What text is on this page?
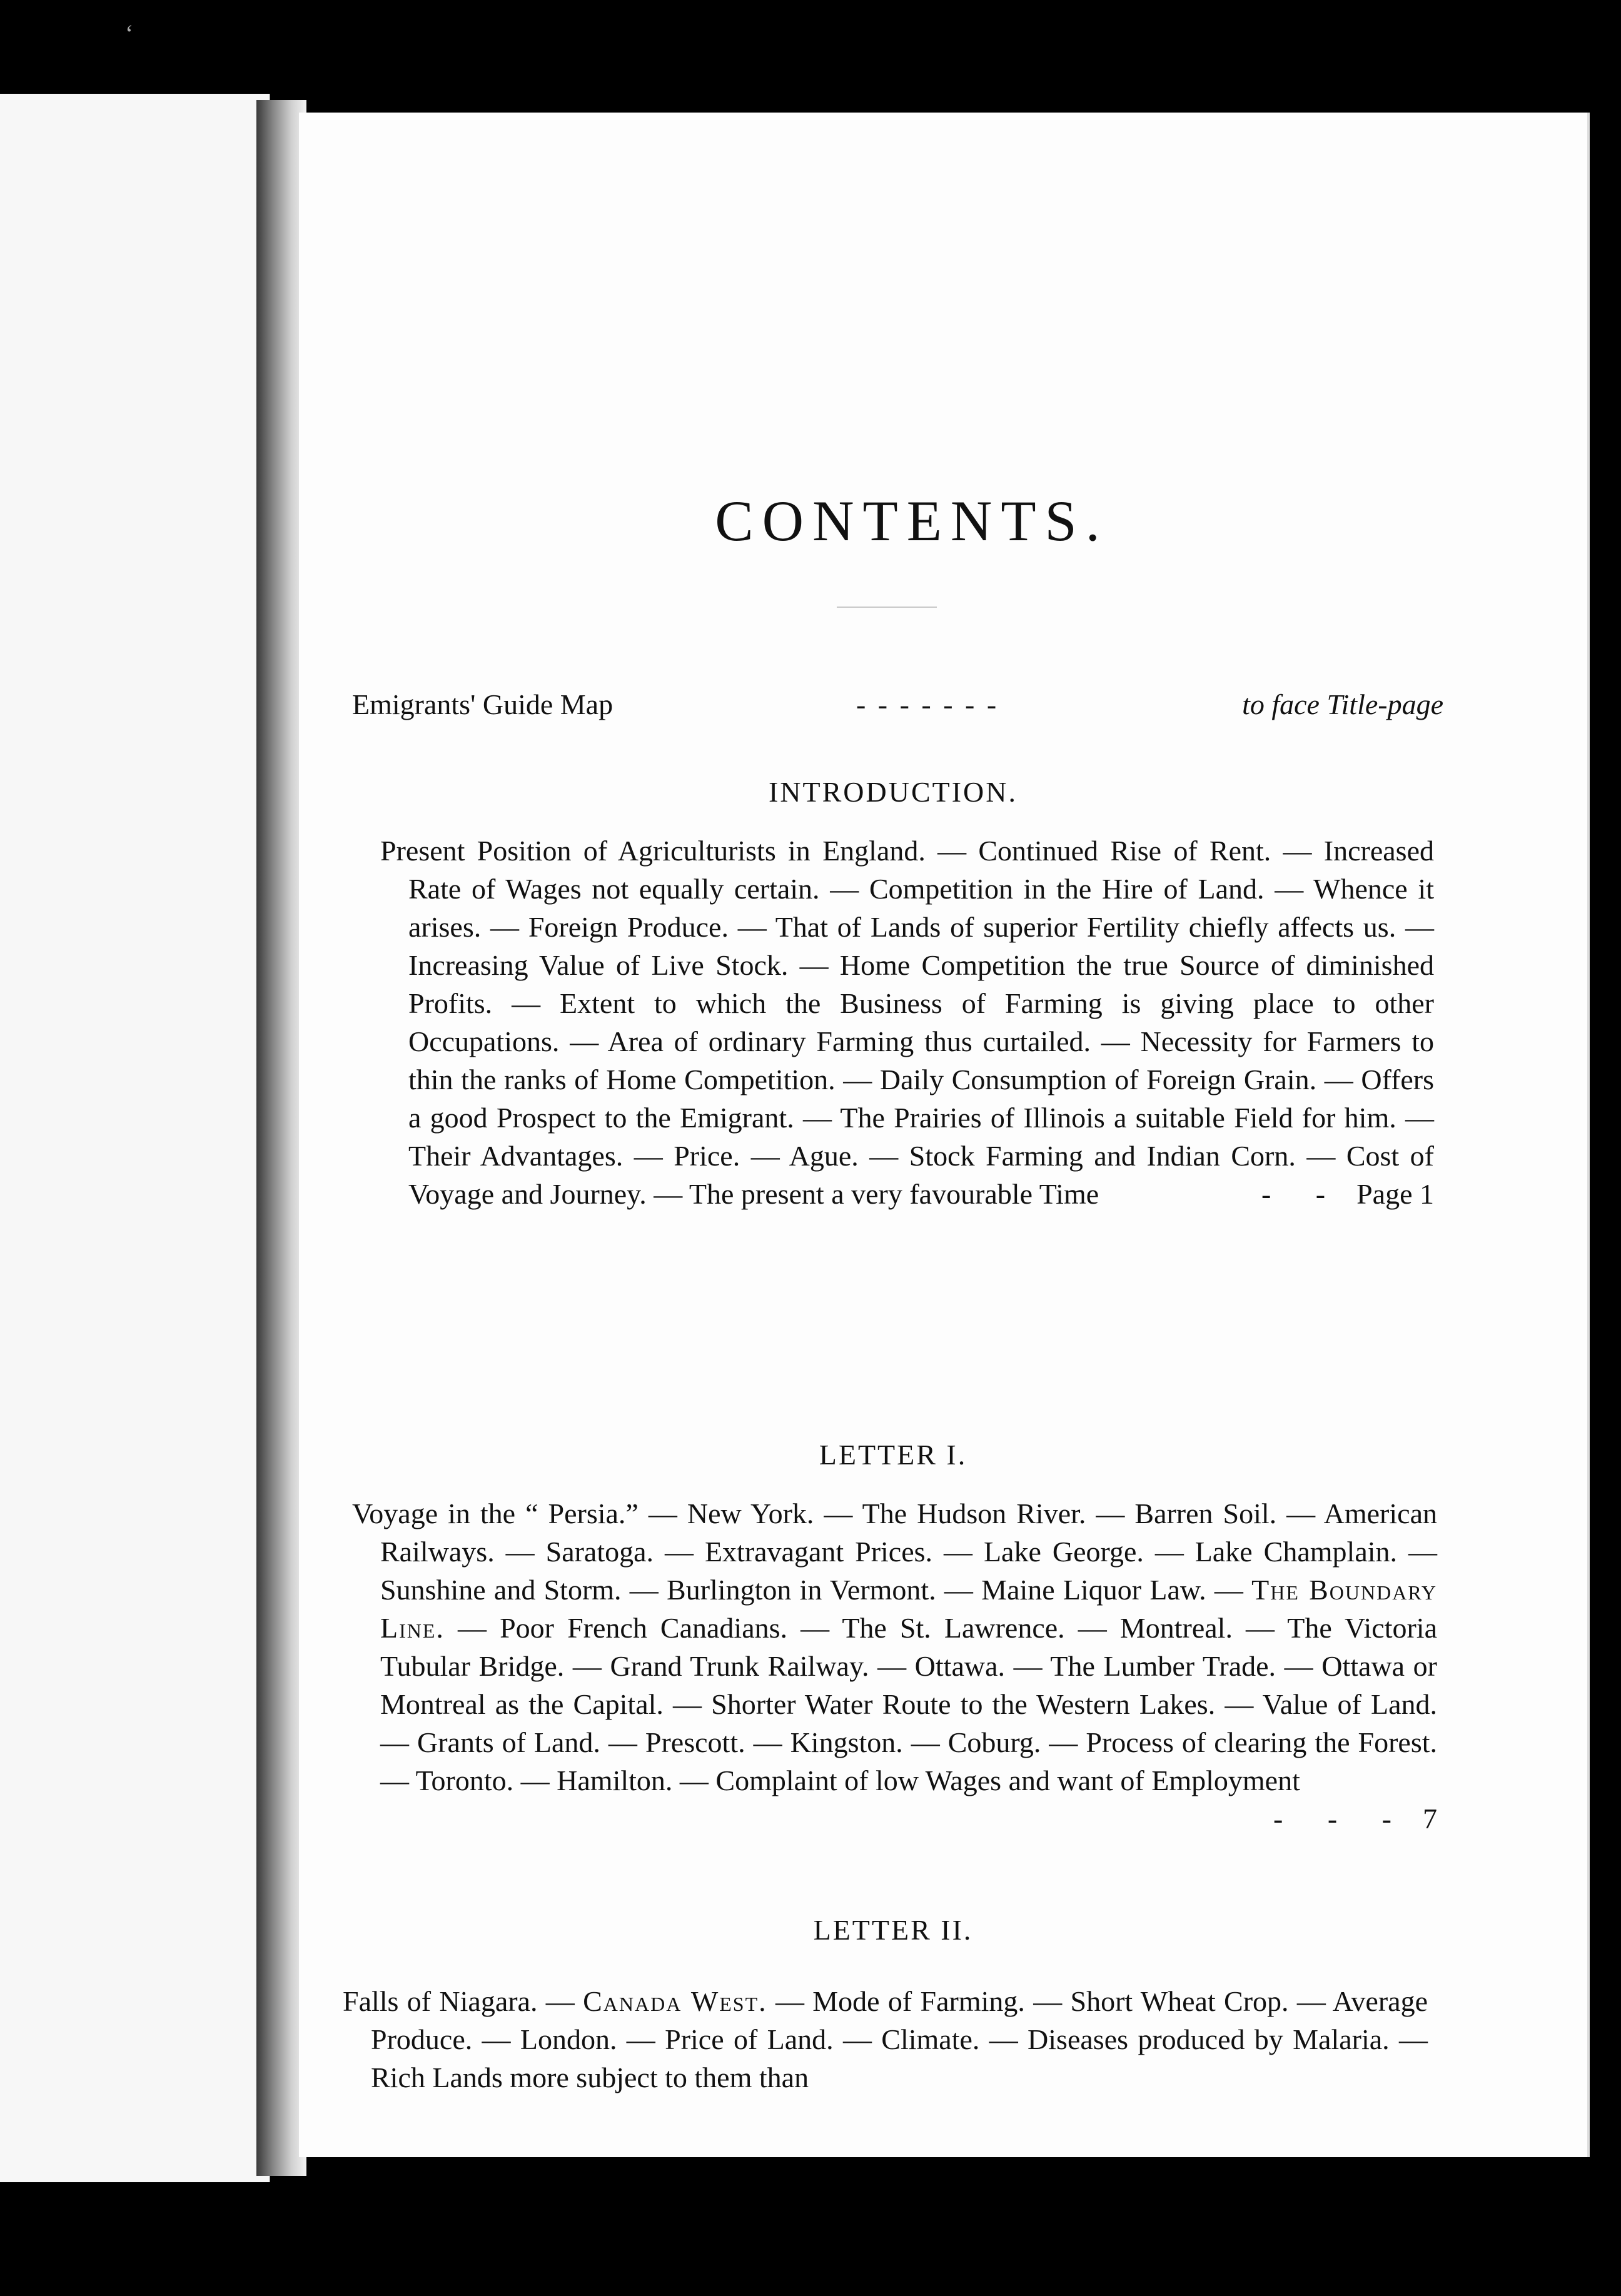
‘
CONTENTS.
Emigrants' Guide Map	- - - - - - -	to face Title-page
INTRODUCTION.
Present Position of Agriculturists in England. — Continued Rise of Rent. — Increased Rate of Wages not equally certain. — Competition in the Hire of Land. — Whence it arises. — Foreign Produce. — That of Lands of superior Fertility chiefly affects us. — Increasing Value of Live Stock. — Home Competition the true Source of diminished Profits. — Extent to which the Business of Farming is giving place to other Occupations. — Area of ordinary Farming thus curtailed. — Necessity for Farmers to thin the ranks of Home Competition. — Daily Consumption of Foreign Grain. — Offers a good Prospect to the Emigrant. — The Prairies of Illinois a suitable Field for him. — Their Advantages. — Price. — Ague. — Stock Farming and Indian Corn. — Cost of Voyage and Journey. — The present a very favourable Time	- - Page 1
LETTER I.
Voyage in the “ Persia.” — New York. — The Hudson River. — Barren Soil. — American Railways. — Saratoga. — Extravagant Prices. — Lake George. — Lake Champlain. — Sunshine and Storm. — Burlington in Vermont. — Maine Liquor Law. — The Boundary Line. — Poor French Canadians. — The St. Lawrence. — Montreal. — The Victoria Tubular Bridge. — Grand Trunk Railway. — Ottawa. — The Lumber Trade. — Ottawa or Montreal as the Capital. — Shorter Water Route to the Western Lakes. — Value of Land. — Grants of Land. — Prescott. — Kingston. — Coburg. — Process of clearing the Forest. — Toronto. — Hamilton. — Complaint of low Wages and want of Employment
- - - 7
LETTER II.
Falls of Niagara. — Canada West. — Mode of Farming. — Short Wheat Crop. — Average Produce. — London. — Price of Land. — Climate. — Diseases produced by Malaria. — Rich Lands more subject to them than
